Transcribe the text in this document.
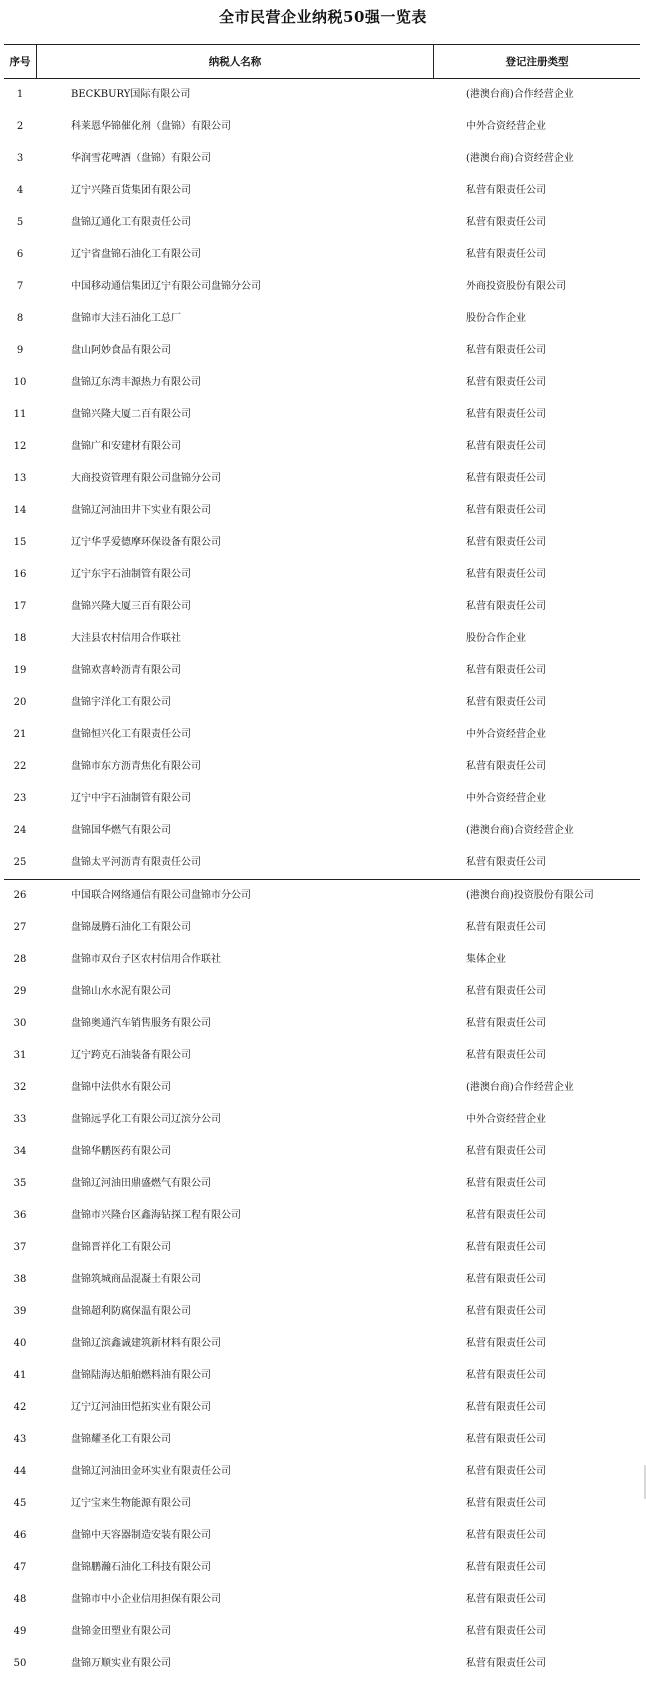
全市民营企业纳税50强一览表
序号	纳税人名称	登记注册类型
1	BECKBURY国际有限公司	(港澳台商)合作经营企业
2	科莱恩华锦催化剂（盘锦）有限公司	中外合资经营企业
3	华润雪花啤酒（盘锦）有限公司	(港澳台商)合资经营企业
4	辽宁兴隆百货集团有限公司	私营有限责任公司
5	盘锦辽通化工有限责任公司	私营有限责任公司
6	辽宁省盘锦石油化工有限公司	私营有限责任公司
7	中国移动通信集团辽宁有限公司盘锦分公司	外商投资股份有限公司
8	盘锦市大洼石油化工总厂	股份合作企业
9	盘山阿妙食品有限公司	私营有限责任公司
10	盘锦辽东湾丰源热力有限公司	私营有限责任公司
11	盘锦兴隆大厦二百有限公司	私营有限责任公司
12	盘锦广和安建材有限公司	私营有限责任公司
13	大商投资管理有限公司盘锦分公司	私营有限责任公司
14	盘锦辽河油田井下实业有限公司	私营有限责任公司
15	辽宁华孚爱德摩环保设备有限公司	私营有限责任公司
16	辽宁东宇石油制管有限公司	私营有限责任公司
17	盘锦兴隆大厦三百有限公司	私营有限责任公司
18	大洼县农村信用合作联社	股份合作企业
19	盘锦欢喜岭沥青有限公司	私营有限责任公司
20	盘锦宇洋化工有限公司	私营有限责任公司
21	盘锦恒兴化工有限责任公司	中外合资经营企业
22	盘锦市东方沥青焦化有限公司	私营有限责任公司
23	辽宁中宇石油制管有限公司	中外合资经营企业
24	盘锦国华燃气有限公司	(港澳台商)合资经营企业
25	盘锦太平河沥青有限责任公司	私营有限责任公司
26	中国联合网络通信有限公司盘锦市分公司	(港澳台商)投资股份有限公司
27	盘锦晟腾石油化工有限公司	私营有限责任公司
28	盘锦市双台子区农村信用合作联社	集体企业
29	盘锦山水水泥有限公司	私营有限责任公司
30	盘锦奥通汽车销售服务有限公司	私营有限责任公司
31	辽宁跨克石油装备有限公司	私营有限责任公司
32	盘锦中法供水有限公司	(港澳台商)合作经营企业
33	盘锦远孚化工有限公司辽滨分公司	中外合资经营企业
34	盘锦华鹏医药有限公司	私营有限责任公司
35	盘锦辽河油田鼎盛燃气有限公司	私营有限责任公司
36	盘锦市兴隆台区鑫海钻探工程有限公司	私营有限责任公司
37	盘锦晋祥化工有限公司	私营有限责任公司
38	盘锦筑城商品混凝土有限公司	私营有限责任公司
39	盘锦超利防腐保温有限公司	私营有限责任公司
40	盘锦辽滨鑫诚建筑新材料有限公司	私营有限责任公司
41	盘锦陆海达船舶燃料油有限公司	私营有限责任公司
42	辽宁辽河油田恺拓实业有限公司	私营有限责任公司
43	盘锦耀圣化工有限公司	私营有限责任公司
44	盘锦辽河油田金环实业有限责任公司	私营有限责任公司
45	辽宁宝来生物能源有限公司	私营有限责任公司
46	盘锦中天容器制造安装有限公司	私营有限责任公司
47	盘锦鹏瀚石油化工科技有限公司	私营有限责任公司
48	盘锦市中小企业信用担保有限公司	私营有限责任公司
49	盘锦金田塑业有限公司	私营有限责任公司
50	盘锦万顺实业有限公司	私营有限责任公司
